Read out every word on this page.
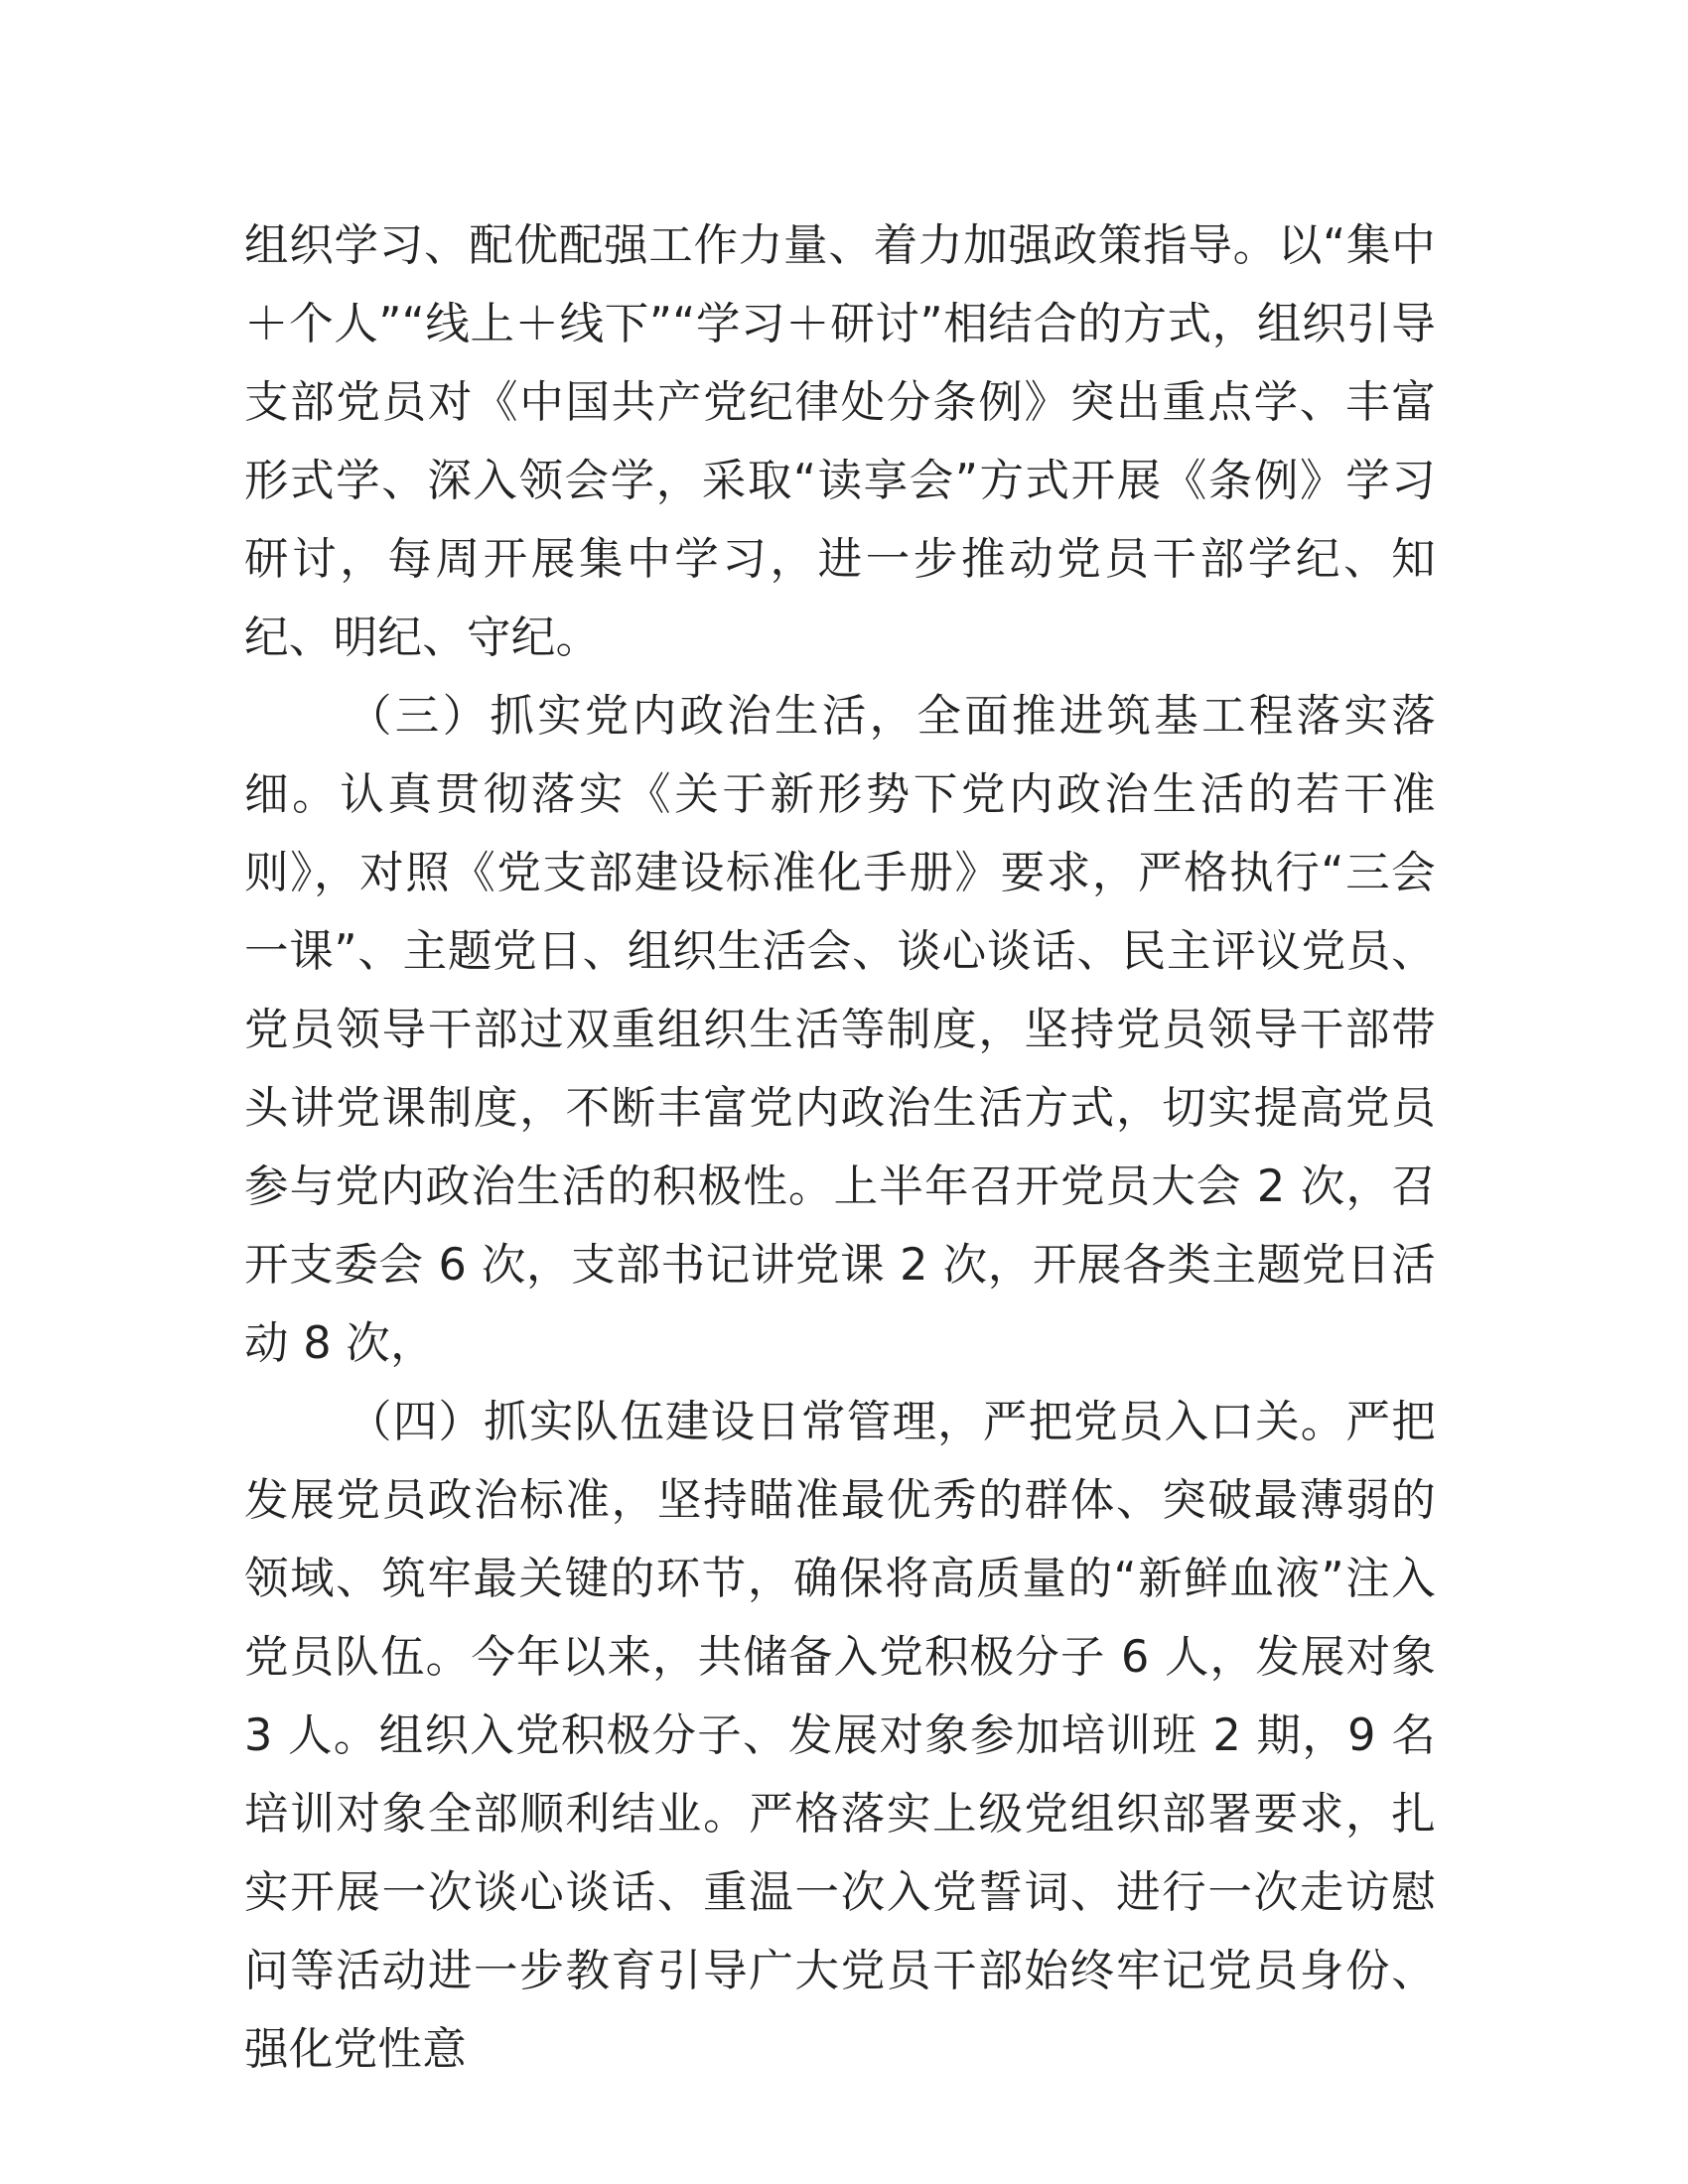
组织学习、配优配强工作力量、着力加强政策指导。以“集中＋个人”“线上＋线下”“学习＋研讨”相结合的方式，组织引导支部党员对《中国共产党纪律处分条例》突出重点学、丰富形式学、深入领会学，采取“读享会”方式开展《条例》学习研讨，每周开展集中学习，进一步推动党员干部学纪、知纪、明纪、守纪。

（三）抓实党内政治生活，全面推进筑基工程落实落细。认真贯彻落实《关于新形势下党内政治生活的若干准则》，对照《党支部建设标准化手册》要求，严格执行“三会一课”、主题党日、组织生活会、谈心谈话、民主评议党员、党员领导干部过双重组织生活等制度，坚持党员领导干部带头讲党课制度，不断丰富党内政治生活方式，切实提高党员参与党内政治生活的积极性。上半年召开党员大会 2 次，召开支委会 6 次，支部书记讲党课 2 次，开展各类主题党日活动 8 次，

（四）抓实队伍建设日常管理，严把党员入口关。严把发展党员政治标准，坚持瞄准最优秀的群体、突破最薄弱的领域、筑牢最关键的环节，确保将高质量的“新鲜血液”注入党员队伍。今年以来，共储备入党积极分子 6 人，发展对象 3 人。组织入党积极分子、发展对象参加培训班 2 期，9 名培训对象全部顺利结业。严格落实上级党组织部署要求，扎实开展一次谈心谈话、重温一次入党誓词、进行一次走访慰问等活动进一步教育引导广大党员干部始终牢记党员身份、强化党性意
